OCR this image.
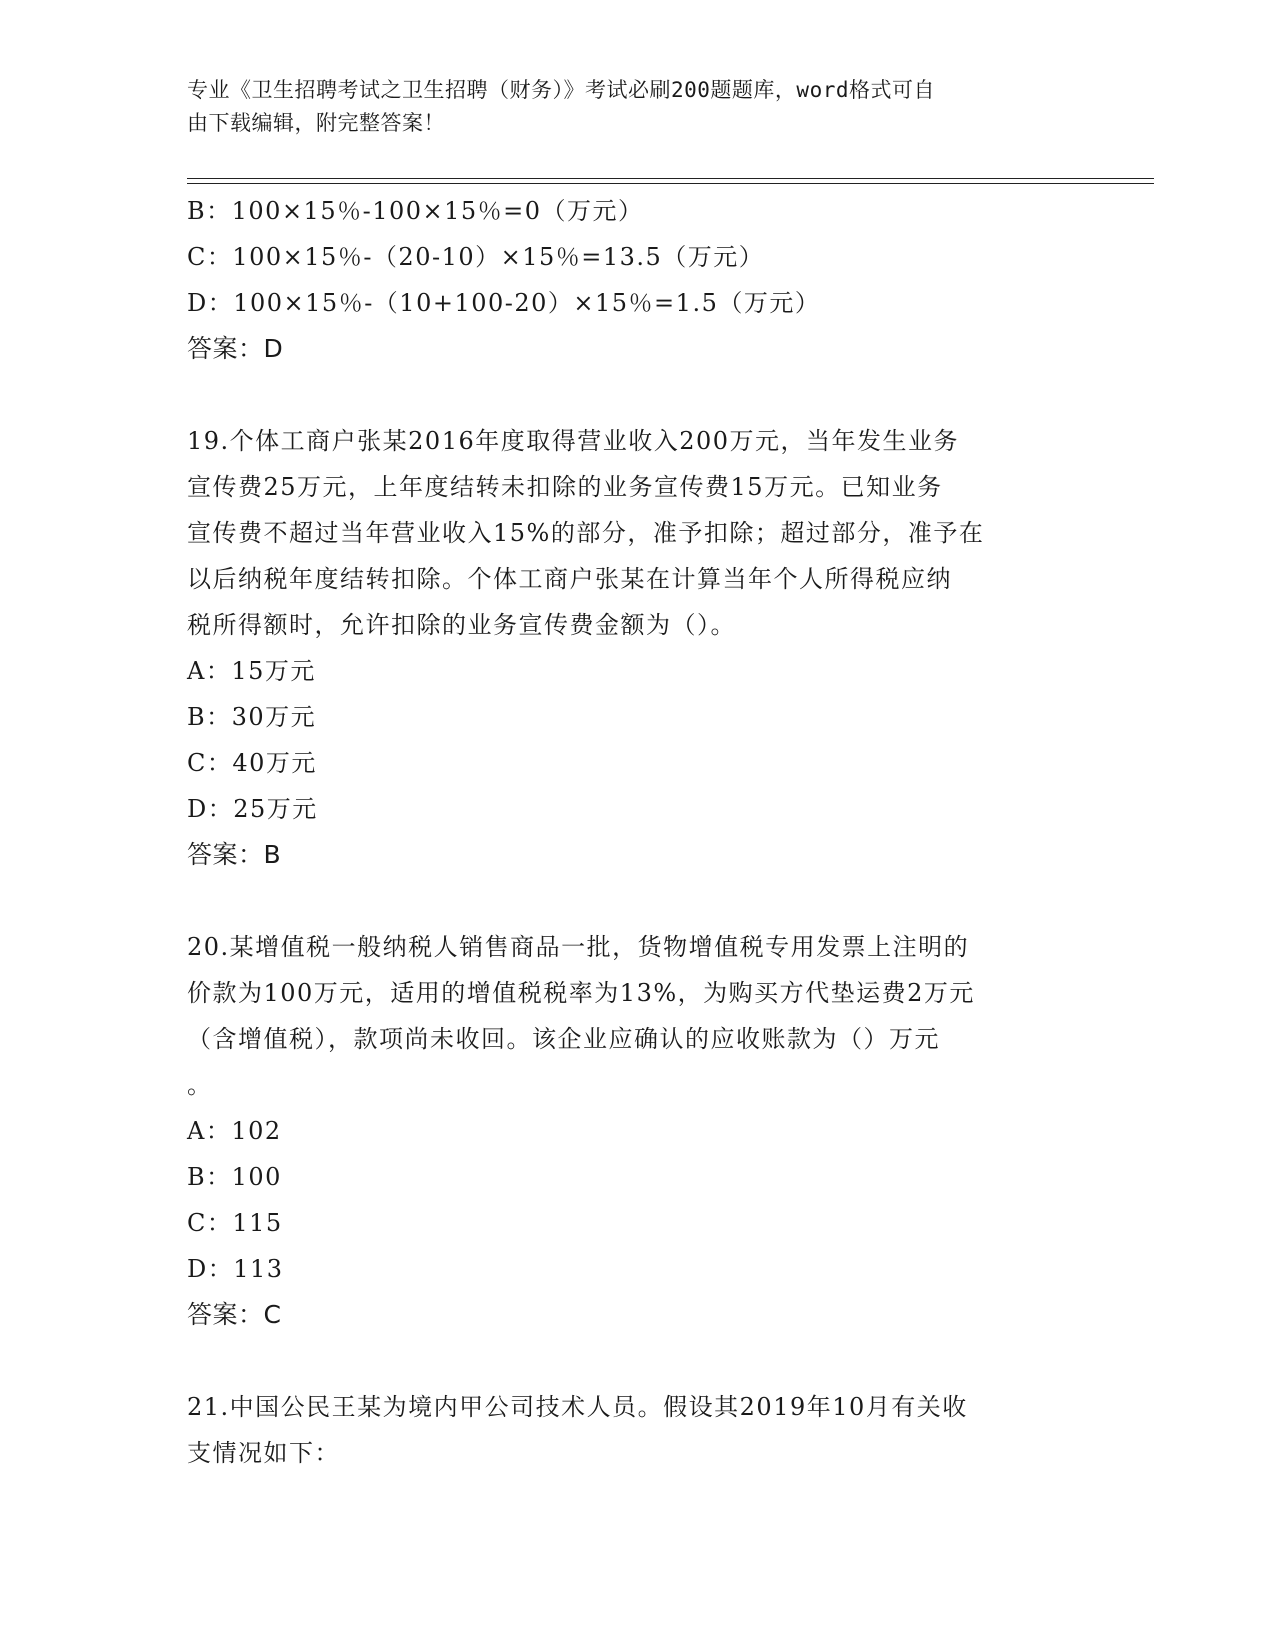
专业《卫生招聘考试之卫生招聘（财务）》考试必刷200题题库，word格式可自
由下载编辑，附完整答案！
B：100×15％-100×15％=0（万元）
C：100×15％-（20-10）×15％=13.5（万元）
D：100×15％-（10+100-20）×15％=1.5（万元）
答案：D
19.个体工商户张某2016年度取得营业收入200万元，当年发生业务
宣传费25万元，上年度结转未扣除的业务宣传费15万元。已知业务
宣传费不超过当年营业收入15%的部分，准予扣除；超过部分，准予在
以后纳税年度结转扣除。个体工商户张某在计算当年个人所得税应纳
税所得额时，允许扣除的业务宣传费金额为（）。
A：15万元
B：30万元
C：40万元
D：25万元
答案：B
20.某增值税一般纳税人销售商品一批，货物增值税专用发票上注明的
价款为100万元，适用的增值税税率为13%，为购买方代垫运费2万元
（含增值税），款项尚未收回。该企业应确认的应收账款为（）万元
。
A：102
B：100
C：115
D：113
答案：C
21.中国公民王某为境内甲公司技术人员。假设其2019年10月有关收
支情况如下：
